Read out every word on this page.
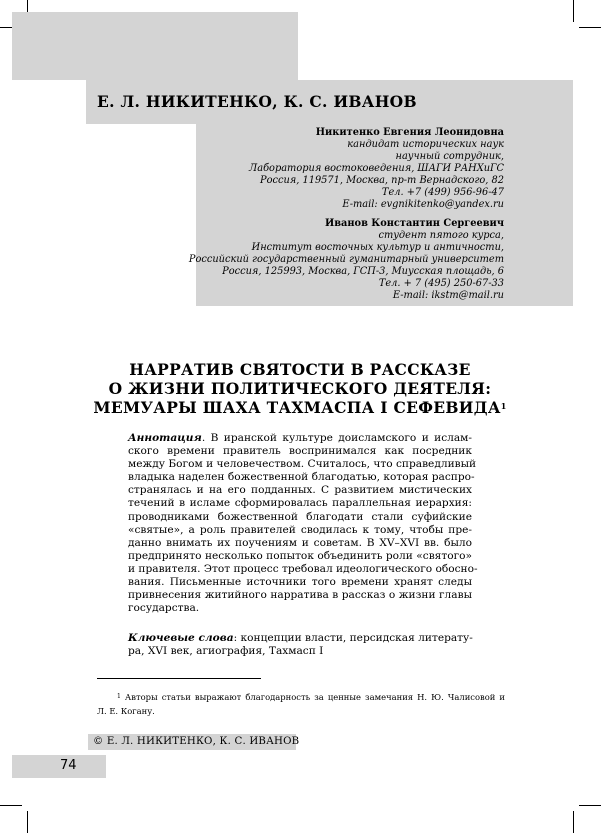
Е. Л. НИКИТЕНКО, К. С. ИВАНОВ
Никитенко Евгения Леонидовна
кандидат исторических наук
научный сотрудник,
Лаборатория востоковедения, ШАГИ РАНХиГС
Россия, 119571, Москва, пр-т Вернадского, 82
Тел. +7 (499) 956-96-47
E-mail: evgnikitenko@yandex.ru
Иванов Константин Сергеевич
студент пятого курса,
Институт восточных культур и античности,
Российский государственный гуманитарный университет
Россия, 125993, Москва, ГСП-3, Миусская площадь, 6
Тел. + 7 (495) 250-67-33
E-mail: ikstm@mail.ru
НАРРАТИВ СВЯТОСТИ В РАССКАЗЕ
О ЖИЗНИ ПОЛИТИЧЕСКОГО ДЕЯТЕЛЯ:
МЕМУАРЫ ШАХА ТАХМАСПА I СЕФЕВИДА$^1$
Аннотация. В иранской культуре доисламского и ислам-
ского времени правитель воспринимался как посредник
между Богом и человечеством. Считалось, что справедливый
владыка наделен божественной благодатью, которая распро-
странялась и на его подданных. С развитием мистических
течений в исламе сформировалась параллельная иерархия:
проводниками божественной благодати стали суфийские
«святые», а роль правителей сводилась к тому, чтобы пре-
данно внимать их поучениям и советам. В XV–XVI вв. было
предпринято несколько попыток объединить роли «святого»
и правителя. Этот процесс требовал идеологического обосно-
вания. Письменные источники того времени хранят следы
привнесения житийного нарратива в рассказ о жизни главы
государства.
Ключевые слова: концепции власти, персидская литерату-
ра, XVI век, агиография, Тахмасп I
$^1$ Авторы статьи выражают благодарность за ценные замечания Н. Ю. Чалисовой и
Л. Е. Когану.
© Е. Л. НИКИТЕНКО, К. С. ИВАНОВ
74
